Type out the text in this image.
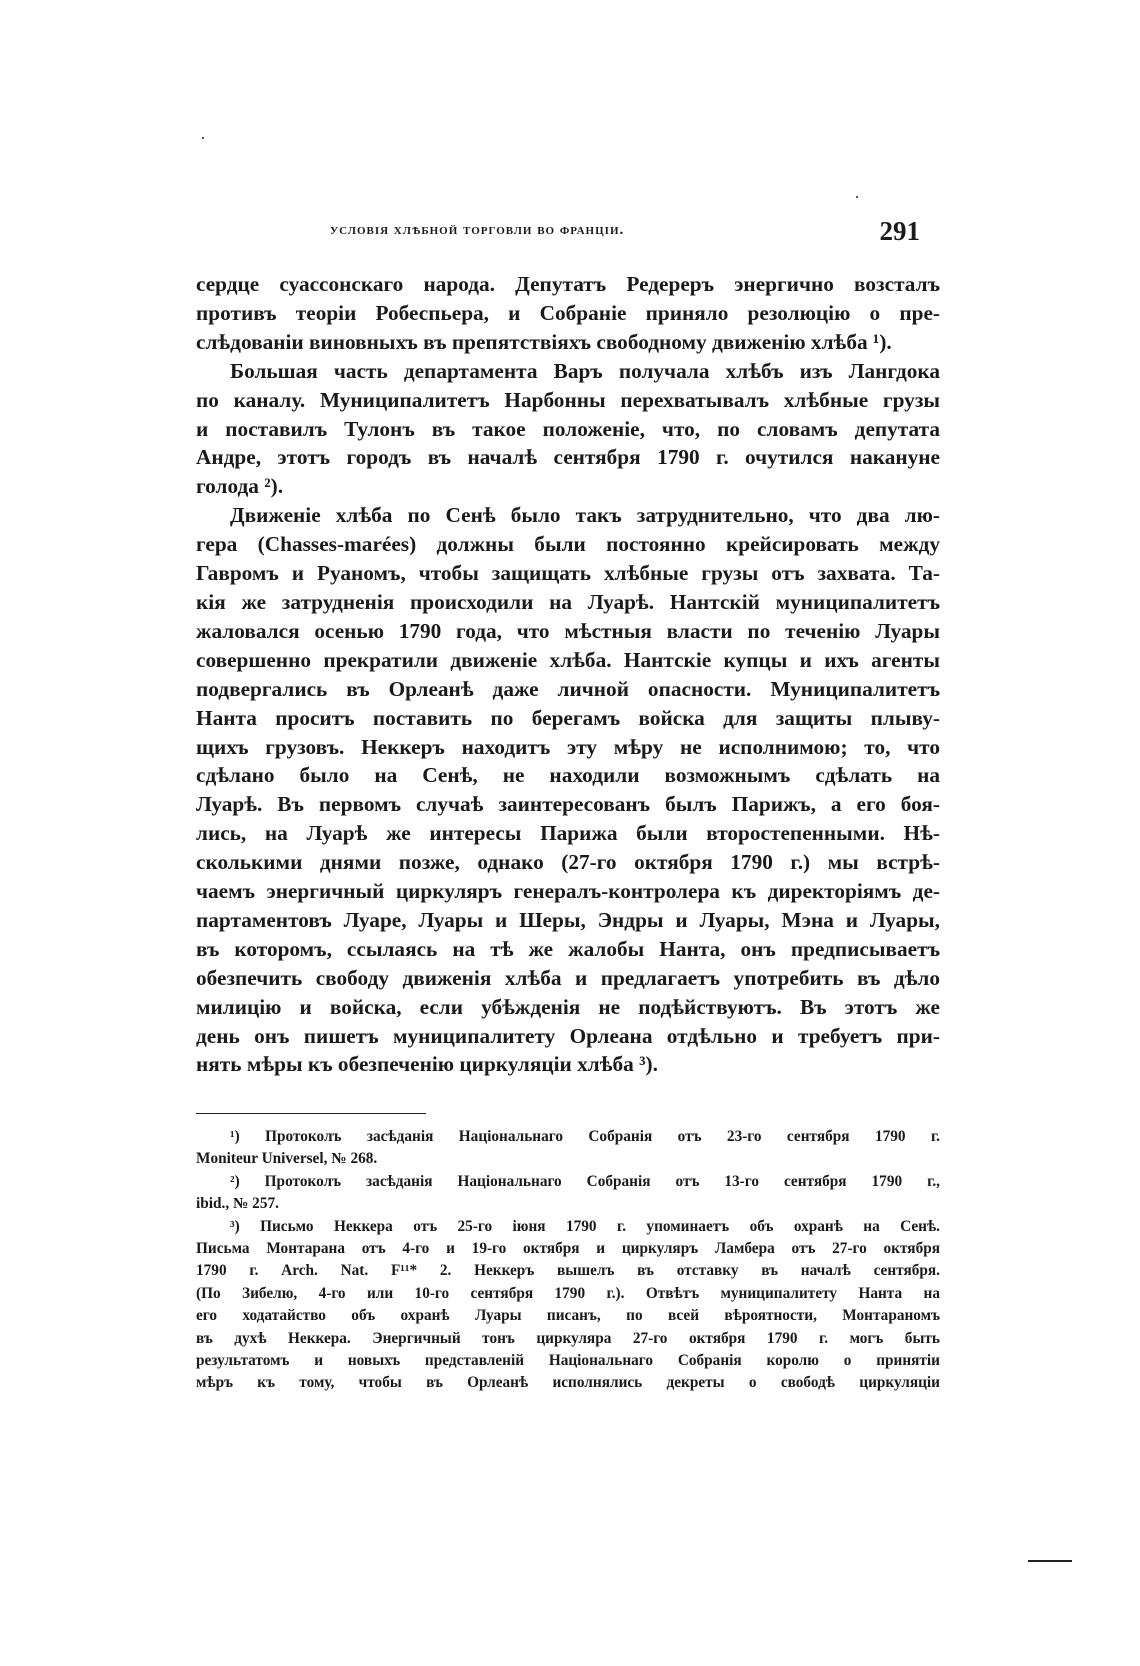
условія хлѣбной торговли во франціи.	291
сердце суассонскаго народа. Депутатъ Редереръ энергично возсталъ
противъ теоріи Робеспьера, и Собраніе приняло резолюцію о пре-
слѣдованіи виновныхъ въ препятствіяхъ свободному движенію хлѣба ¹).
Большая часть департамента Варъ получала хлѣбъ изъ Лангдока
по каналу. Муниципалитетъ Нарбонны перехватывалъ хлѣбные грузы
и поставилъ Тулонъ въ такое положеніе, что, по словамъ депутата
Андре, этотъ городъ въ началѣ сентября 1790 г. очутился накануне
голода ²).
Движеніе хлѣба по Сенѣ было такъ затруднительно, что два лю-
гера (Chasses-marées) должны были постоянно крейсировать между
Гавромъ и Руаномъ, чтобы защищать хлѣбные грузы отъ захвата. Та-
кія же затрудненія происходили на Луарѣ. Нантскій муниципалитетъ
жаловался осенью 1790 года, что мѣстныя власти по теченію Луары
совершенно прекратили движеніе хлѣба. Нантскіе купцы и ихъ агенты
подвергались въ Орлеанѣ даже личной опасности. Муниципалитетъ
Нанта проситъ поставить по берегамъ войска для защиты плыву-
щихъ грузовъ. Неккеръ находитъ эту мѣру не исполнимою; то, что
сдѣлано было на Сенѣ, не находили возможнымъ сдѣлать на
Луарѣ. Въ первомъ случаѣ заинтересованъ былъ Парижъ, а его боя-
лись, на Луарѣ же интересы Парижа были второстепенными. Нѣ-
сколькими днями позже, однако (27-го октября 1790 г.) мы встрѣ-
чаемъ энергичный циркуляръ генералъ-контролера къ директоріямъ де-
партаментовъ Луаре, Луары и Шеры, Эндры и Луары, Мэна и Луары,
въ которомъ, ссылаясь на тѣ же жалобы Нанта, онъ предписываетъ
обезпечить свободу движенія хлѣба и предлагаетъ употребить въ дѣло
милицію и войска, если убѣжденія не подѣйствуютъ. Въ этотъ же
день онъ пишетъ муниципалитету Орлеана отдѣльно и требуетъ при-
нять мѣры къ обезпеченію циркуляціи хлѣба ³).
¹) Протоколъ засѣданія Національнаго Собранія отъ 23-го сентября 1790 г.
Moniteur Universel, № 268.
²) Протоколъ засѣданія Національнаго Собранія отъ 13-го сентября 1790 г.,
ibid., № 257.
³) Письмо Неккера отъ 25-го іюня 1790 г. упоминаетъ объ охранѣ на Сенѣ.
Письма Монтарана отъ 4-го и 19-го октября и циркуляръ Ламбера отъ 27-го октября
1790 г. Arch. Nat. F¹¹* 2. Неккеръ вышелъ въ отставку въ началѣ сентября.
(По Зибелю, 4-го или 10-го сентября 1790 г.). Отвѣтъ муниципалитету Нанта на
его ходатайство объ охранѣ Луары писанъ, по всей вѣроятности, Монтараномъ
въ духѣ Неккера. Энергичный тонъ циркуляра 27-го октября 1790 г. могъ быть
результатомъ и новыхъ представленій Національнаго Собранія королю о принятіи
мѣръ къ тому, чтобы въ Орлеанѣ исполнялись декреты о свободѣ циркуляціи
